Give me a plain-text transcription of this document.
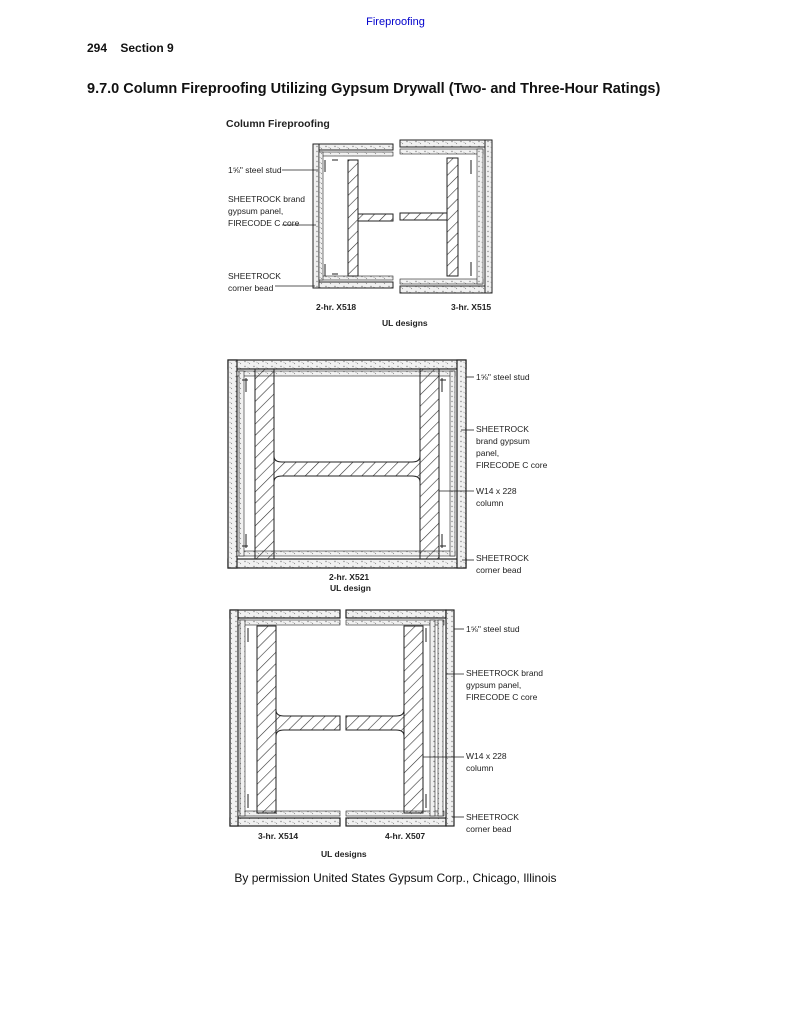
Fireproofing
294 Section 9
9.7.0 Column Fireproofing Utilizing Gypsum Drywall (Two- and Three-Hour Ratings)
Column Fireproofing
1⅝" steel stud
SHEETROCK brand
gypsum panel,
FIRECODE C core
SHEETROCK
corner bead
2-hr. X518	3-hr. X515
UL designs
1⅝" steel stud
SHEETROCK
brand gypsum
panel,
FIRECODE C core
W14 x 228
column
SHEETROCK
corner bead
2-hr. X521
UL design
1⅝" steel stud
SHEETROCK brand
gypsum panel,
FIRECODE C core
W14 x 228
column
SHEETROCK
corner bead
3-hr. X514	4-hr. X507
UL designs
By permission United States Gypsum Corp., Chicago, Illinois
